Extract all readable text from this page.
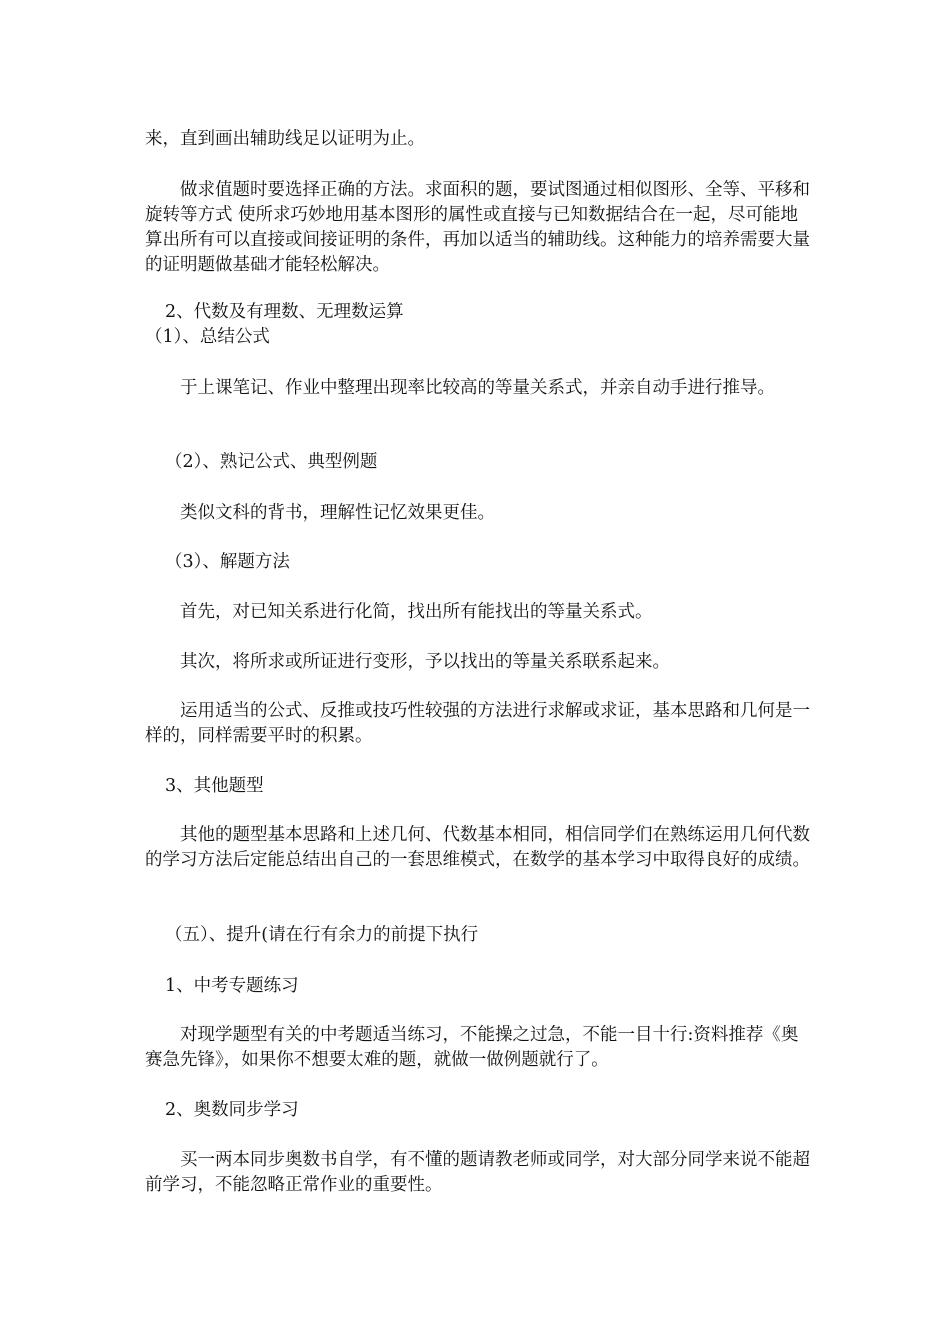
来，直到画出辅助线足以证明为止。

做求值题时要选择正确的方法。求面积的题，要试图通过相似图形、全等、平移和旋转等方式 使所求巧妙地用基本图形的属性或直接与已知数据结合在一起，尽可能地算出所有可以直接或间接证明的条件，再加以适当的辅助线。这种能力的培养需要大量的证明题做基础才能轻松解决。

2、代数及有理数、无理数运算

（1）、总结公式

于上课笔记、作业中整理出现率比较高的等量关系式，并亲自动手进行推导。

（2）、熟记公式、典型例题

类似文科的背书，理解性记忆效果更佳。

（3）、解题方法

首先，对已知关系进行化简，找出所有能找出的等量关系式。

其次，将所求或所证进行变形，予以找出的等量关系联系起来。

运用适当的公式、反推或技巧性较强的方法进行求解或求证，基本思路和几何是一样的，同样需要平时的积累。

3、其他题型

其他的题型基本思路和上述几何、代数基本相同，相信同学们在熟练运用几何代数的学习方法后定能总结出自己的一套思维模式，在数学的基本学习中取得良好的成绩。

（五）、提升(请在行有余力的前提下执行

1、中考专题练习

对现学题型有关的中考题适当练习，不能操之过急，不能一目十行:资料推荐《奥赛急先锋》，如果你不想要太难的题，就做一做例题就行了。

2、奥数同步学习

买一两本同步奥数书自学，有不懂的题请教老师或同学，对大部分同学来说不能超前学习，不能忽略正常作业的重要性。
